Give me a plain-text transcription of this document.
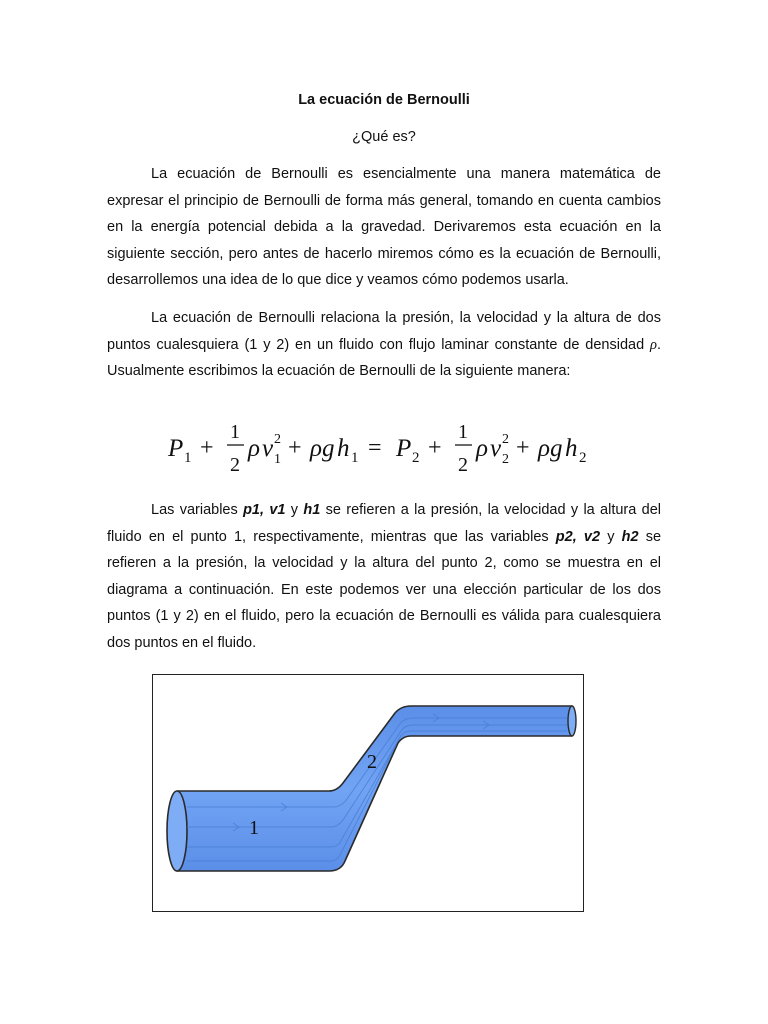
La ecuación de Bernoulli
¿Qué es?

La ecuación de Bernoulli es esencialmente una manera matemática de expresar el principio de Bernoulli de forma más general, tomando en cuenta cambios en la energía potencial debida a la gravedad. Derivaremos esta ecuación en la siguiente sección, pero antes de hacerlo miremos cómo es la ecuación de Bernoulli, desarrollemos una idea de lo que dice y veamos cómo podemos usarla.

La ecuación de Bernoulli relaciona la presión, la velocidad y la altura de dos puntos cualesquiera (1 y 2) en un fluido con flujo laminar constante de densidad ρ. Usualmente escribimos la ecuación de Bernoulli de la siguiente manera:

P 1 +
1
2
ρ v 2
1 + ρg h 1 = P 2 +
1
2
ρ v 2
2 + ρg h 2

Las variables p1, v1 y h1 se refieren a la presión, la velocidad y la altura del fluido en el punto 1, respectivamente, mientras que las variables p2, v2 y h2 se refieren a la presión, la velocidad y la altura del punto 2, como se muestra en el diagrama a continuación. En este podemos ver una elección particular de los dos puntos (1 y 2) en el fluido, pero la ecuación de Bernoulli es válida para cualesquiera dos puntos en el fluido.

1
2
